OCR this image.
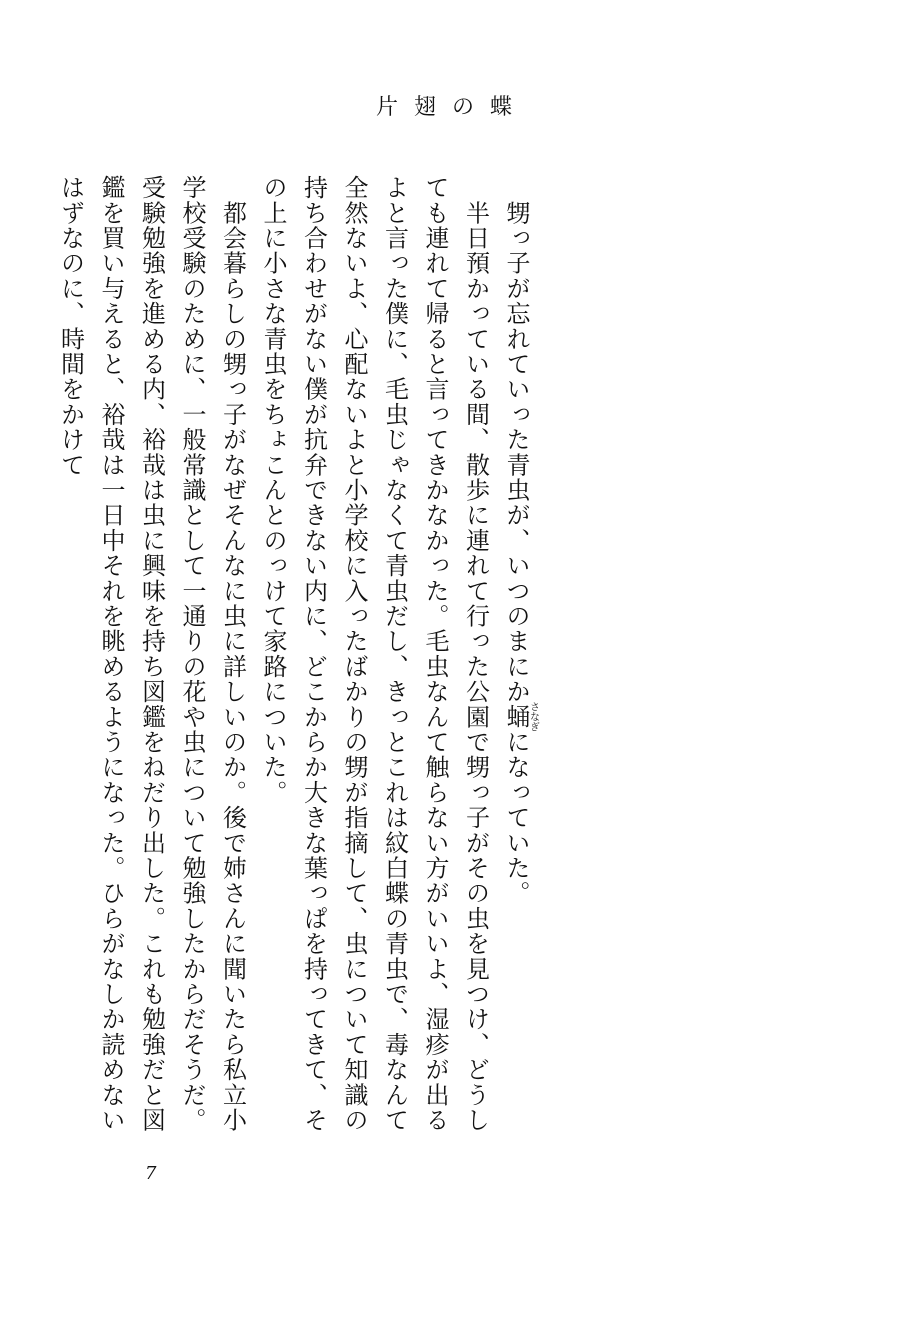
片翅の蝶

　甥っ子が忘れていった青虫が、いつのまにか蛹さなぎになっていた。

　半日預かっている間、散歩に連れて行った公園で甥っ子がその虫を見つけ、どうしても連れて帰ると言ってきかなかった。毛虫なんて触らない方がいいよ、湿疹が出るよと言った僕に、毛虫じゃなくて青虫だし、きっとこれは紋白蝶の青虫で、毒なんて全然ないよ、心配ないよと小学校に入ったばかりの甥が指摘して、虫について知識の持ち合わせがない僕が抗弁できない内に、どこからか大きな葉っぱを持ってきて、その上に小さな青虫をちょこんとのっけて家路についた。

　都会暮らしの甥っ子がなぜそんなに虫に詳しいのか。後で姉さんに聞いたら私立小学校受験のために、一般常識として一通りの花や虫について勉強したからだそうだ。受験勉強を進める内、裕哉は虫に興味を持ち図鑑をねだり出した。これも勉強だと図鑑を買い与えると、裕哉は一日中それを眺めるようになった。ひらがなしか読めないはずなのに、時間をかけて

7
